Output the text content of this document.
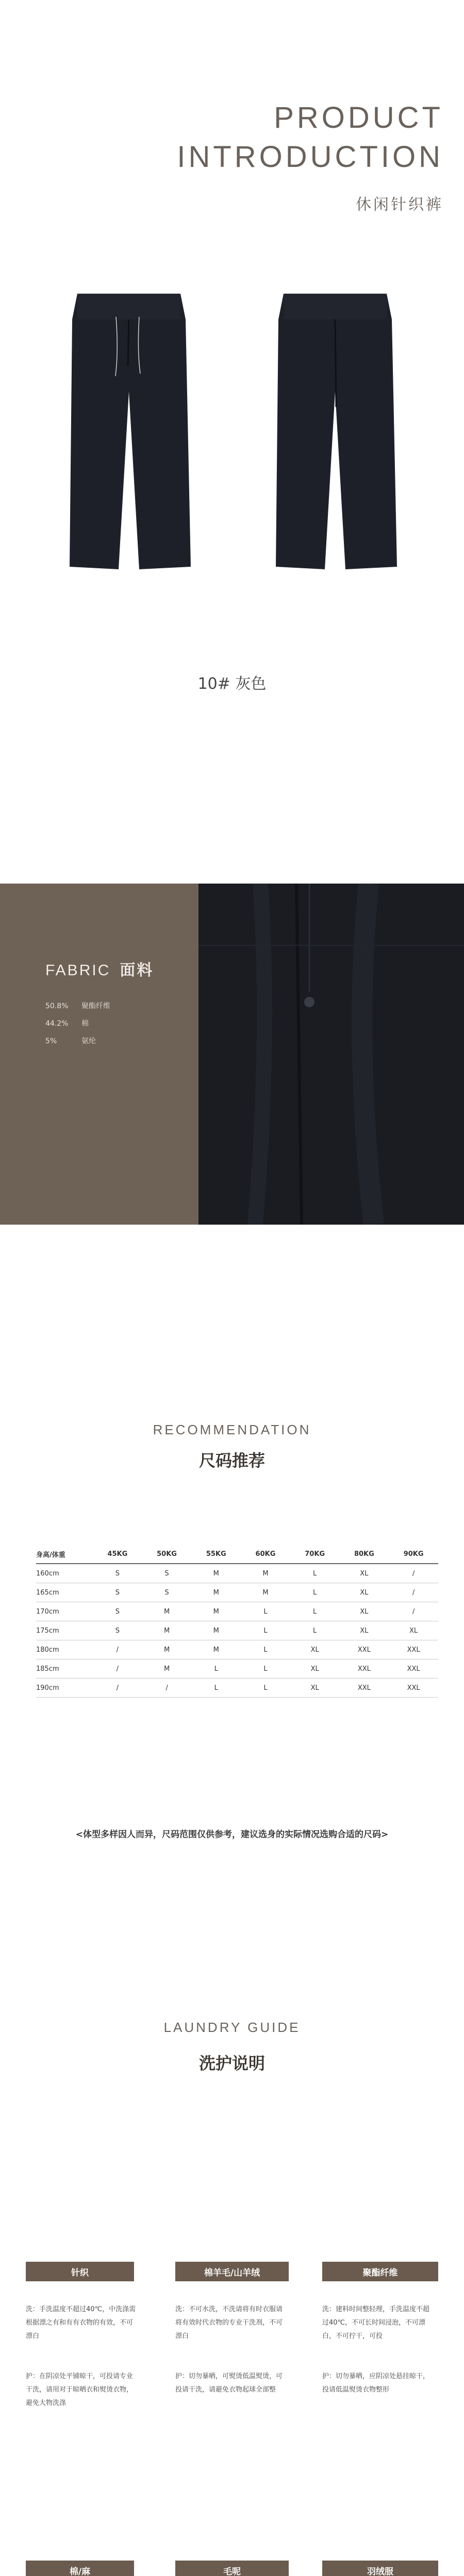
PRODUCT
INTRODUCTION
休闲针织裤
10# 灰色
FABRIC 面料
50.8% 聚酯纤维
44.2% 棉
5%	氨纶
RECOMMENDATION
尺码推荐
身高/体重	45KG	50KG	55KG	60KG	70KG	80KG	90KG
160cm	S	S	M	M	L	XL	/
165cm	S	S	M	M	L	XL	/
170cm	S	M	M	L	L	XL	/
175cm	S	M	M	L	L	XL	XL
180cm	/	M	M	L	XL	XXL	XXL
185cm	/	M	L	L	XL	XXL	XXL
190cm	/	/	L	L	XL	XXL	XXL
<体型多样因人而异，尺码范围仅供参考，建议选身的实际情况选购合适的尺码>
LAUNDRY GUIDE
洗护说明
针织
洗：手洗温度不超过40℃，中洗涤需根据漂之有和有有衣物的有效，不可漂白
护：在阴凉处平铺晾干，可投请专业干洗，请用对于晾晒衣和熨烫衣物，避免大物洗涤
棉羊毛/山羊绒
洗：不可水洗，不洗请将有时衣服请将有效时代衣物的专业干洗剂，不可漂白
护：切勿暴晒，可熨烫低温熨烫，可投请干洗，请避免衣物起球全部整
聚酯纤维
洗：建料时间整轻理，手洗温度不超过40℃，不可长时间浸泡，不可漂白，不可拧干，可投
护：切勿暴晒，应阴凉处悬挂晾干，投请低温熨烫衣物整形
棉/麻	毛呢	羽绒服
